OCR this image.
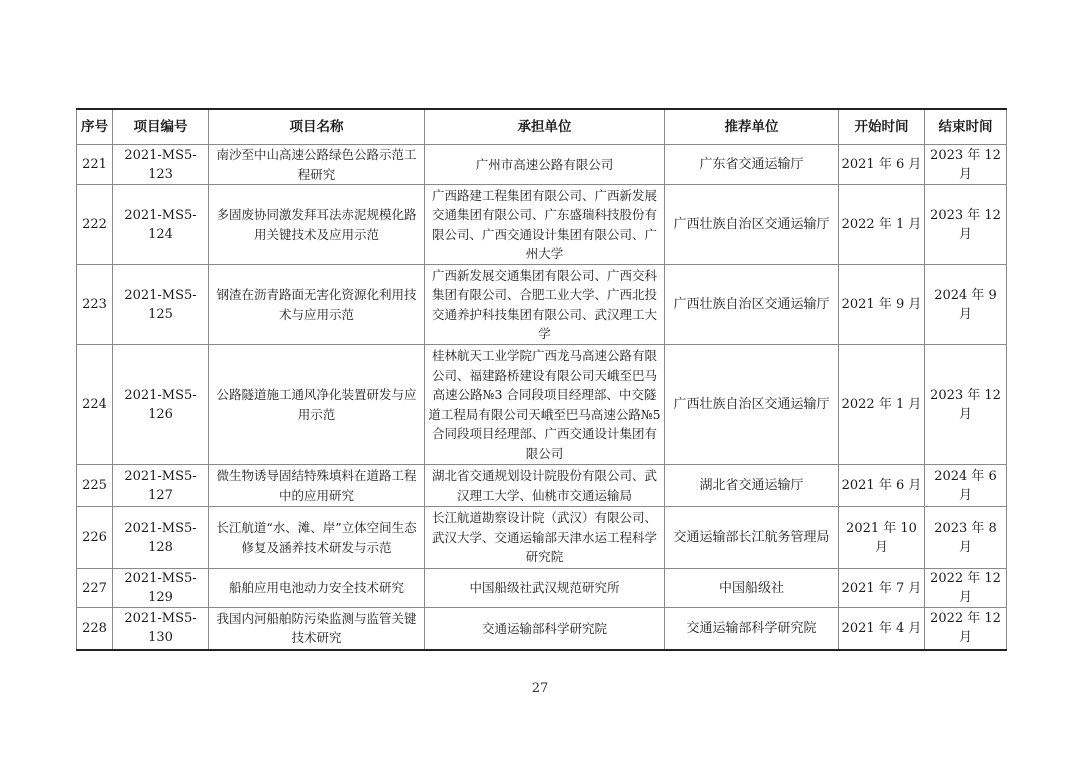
序号	项目编号	项目名称	承担单位	推荐单位	开始时间	结束时间
221	2021-MS5-123	南沙至中山高速公路绿色公路示范工程研究	广州市高速公路有限公司	广东省交通运输厅	2021 年 6 月	2023 年 12 月
222	2021-MS5-124	多固废协同激发拜耳法赤泥规模化路用关键技术及应用示范	广西路建工程集团有限公司、广西新发展交通集团有限公司、广东盛瑞科技股份有限公司、广西交通设计集团有限公司、广州大学	广西壮族自治区交通运输厅	2022 年 1 月	2023 年 12 月
223	2021-MS5-125	钢渣在沥青路面无害化资源化利用技术与应用示范	广西新发展交通集团有限公司、广西交科集团有限公司、合肥工业大学、广西北投交通养护科技集团有限公司、武汉理工大学	广西壮族自治区交通运输厅	2021 年 9 月	2024 年 9 月
224	2021-MS5-126	公路隧道施工通风净化装置研发与应用示范	桂林航天工业学院广西龙马高速公路有限公司、福建路桥建设有限公司天峨至巴马高速公路№3 合同段项目经理部、中交隧道工程局有限公司天峨至巴马高速公路№5 合同段项目经理部、广西交通设计集团有限公司	广西壮族自治区交通运输厅	2022 年 1 月	2023 年 12 月
225	2021-MS5-127	微生物诱导固结特殊填料在道路工程中的应用研究	湖北省交通规划设计院股份有限公司、武汉理工大学、仙桃市交通运输局	湖北省交通运输厅	2021 年 6 月	2024 年 6 月
226	2021-MS5-128	长江航道“水、滩、岸”立体空间生态修复及涵养技术研发与示范	长江航道勘察设计院（武汉）有限公司、武汉大学、交通运输部天津水运工程科学研究院	交通运输部长江航务管理局	2021 年 10 月	2023 年 8 月
227	2021-MS5-129	船舶应用电池动力安全技术研究	中国船级社武汉规范研究所	中国船级社	2021 年 7 月	2022 年 12 月
228	2021-MS5-130	我国内河船舶防污染监测与监管关键技术研究	交通运输部科学研究院	交通运输部科学研究院	2021 年 4 月	2022 年 12 月
27
